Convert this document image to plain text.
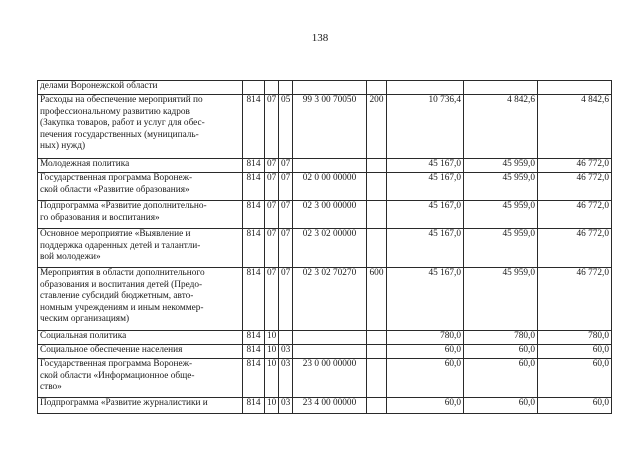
138
делами Воронежской области								
Расходы на обеспечение мероприятий по
профессиональному развитию кадров
(Закупка товаров, работ и услуг для обес-
печения государственных (муниципаль-
ных) нужд)	814	07	05	99 3 00 70050	200	10 736,4	4 842,6	4 842,6
Молодежная политика	814	07	07			45 167,0	45 959,0	46 772,0
Государственная программа Воронеж-
ской области «Развитие образования»	814	07	07	02 0 00 00000		45 167,0	45 959,0	46 772,0
Подпрограмма «Развитие дополнительно-
го образования и воспитания»	814	07	07	02 3 00 00000		45 167,0	45 959,0	46 772,0
Основное мероприятие «Выявление и
поддержка одаренных детей и талантли-
вой молодежи»	814	07	07	02 3 02 00000		45 167,0	45 959,0	46 772,0
Мероприятия в области дополнительного
образования и воспитания детей (Предо-
ставление субсидий бюджетным, авто-
номным учреждениям и иным некоммер-
ческим организациям)	814	07	07	02 3 02 70270	600	45 167,0	45 959,0	46 772,0
Социальная политика	814	10				780,0	780,0	780,0
Социальное обеспечение населения	814	10	03			60,0	60,0	60,0
Государственная программа Воронеж-
ской области «Информационное обще-
ство»	814	10	03	23 0 00 00000		60,0	60,0	60,0
Подпрограмма «Развитие журналистики и	814	10	03	23 4 00 00000		60,0	60,0	60,0
